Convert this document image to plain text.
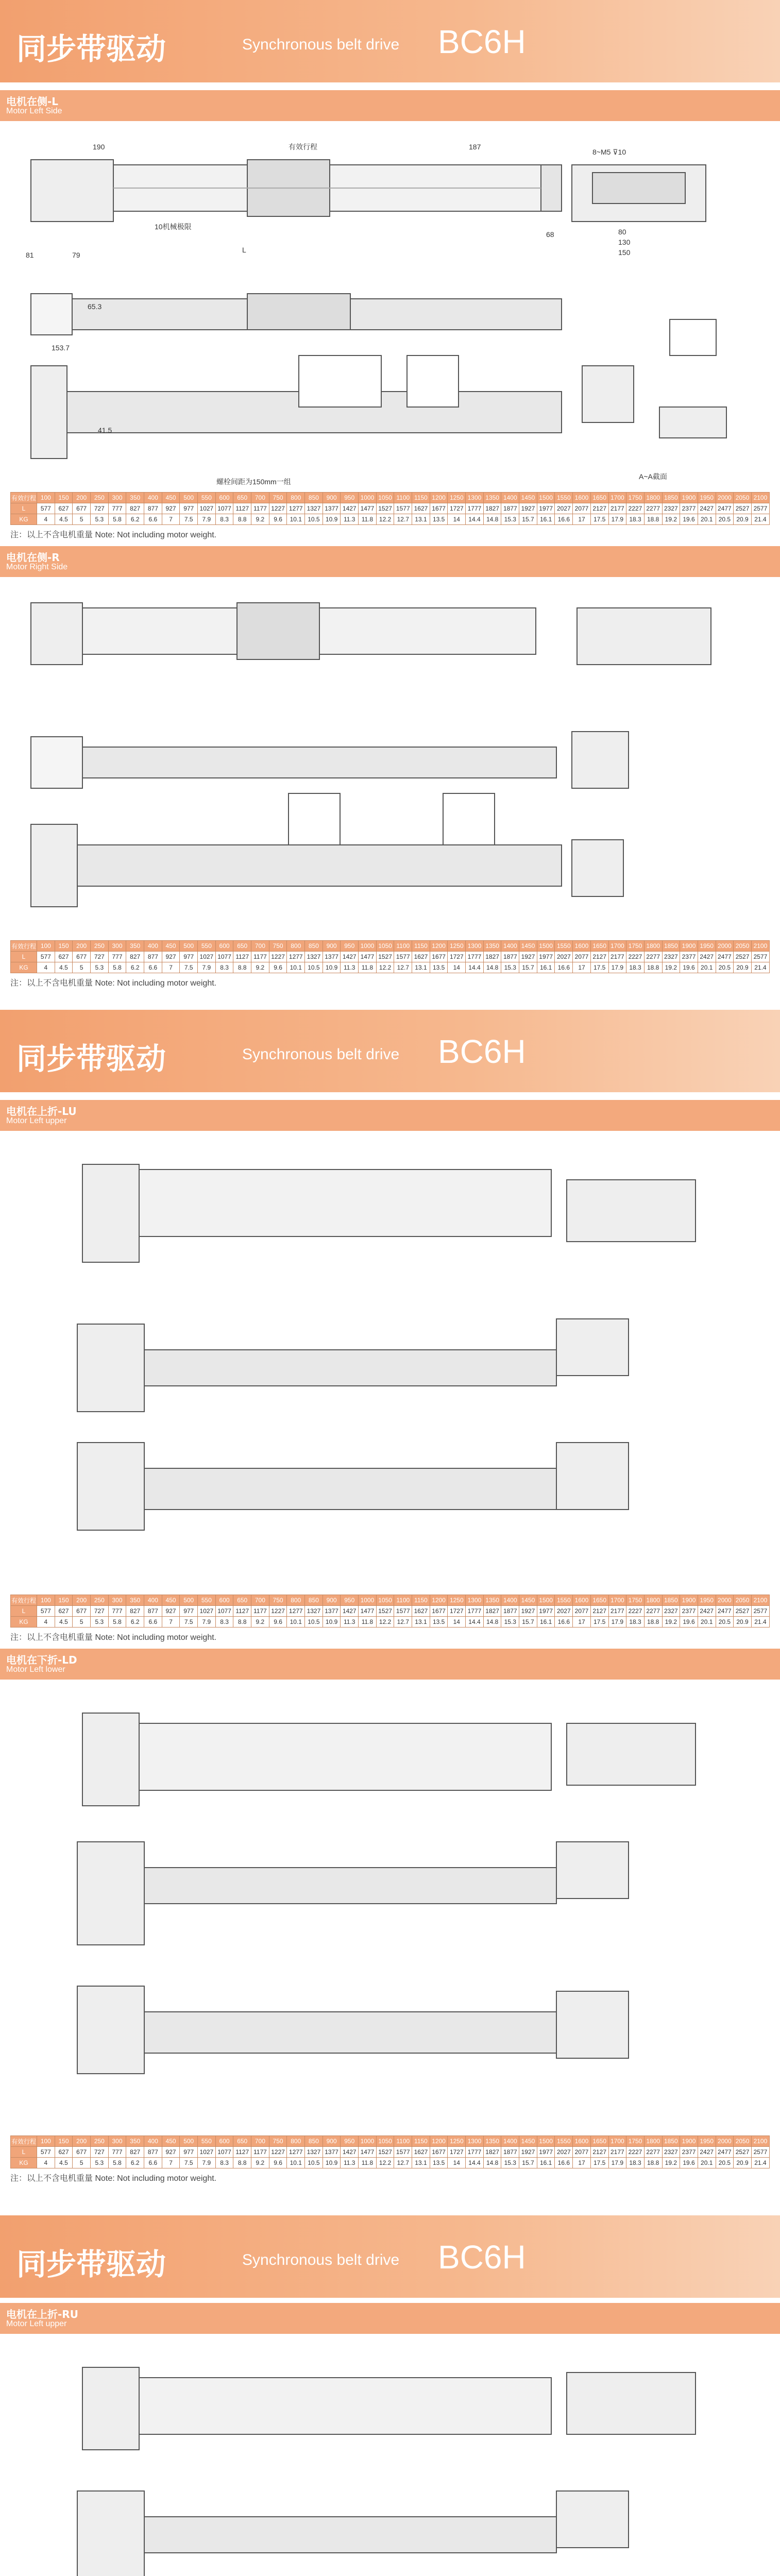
同步带驱动	Synchronous belt drive BC6H
电机在侧-L
Motor Left Side
190	有效行程	187
8~M5 ⊽10
10机械极限
L
81	79
68	80
130
150
65.3
153.7
41.5
螺栓间距为150mm一组
A~A截面
有效行程	100	150	200	250	300	350	400	450	500	550	600	650	700	750	800	850	900	950	1000	1050	1100	1150	1200	1250	1300	1350	1400	1450	1500	1550	1600	1650	1700	1750	1800	1850	1900	1950	2000	2050	2100
L	577	627	677	727	777	827	877	927	977	1027	1077	1127	1177	1227	1277	1327	1377	1427	1477	1527	1577	1627	1677	1727	1777	1827	1877	1927	1977	2027	2077	2127	2177	2227	2277	2327	2377	2427	2477	2527	2577
KG	4	4.5	5	5.3	5.8	6.2	6.6	7	7.5	7.9	8.3	8.8	9.2	9.6	10.1	10.5	10.9	11.3	11.8	12.2	12.7	13.1	13.5	14	14.4	14.8	15.3	15.7	16.1	16.6	17	17.5	17.9	18.3	18.8	19.2	19.6	20.1	20.5	20.9	21.4
注：以上不含电机重量 Note: Not including motor weight.
电机在侧-R
Motor Right Side
有效行程	100	150	200	250	300	350	400	450	500	550	600	650	700	750	800	850	900	950	1000	1050	1100	1150	1200	1250	1300	1350	1400	1450	1500	1550	1600	1650	1700	1750	1800	1850	1900	1950	2000	2050	2100
L	577	627	677	727	777	827	877	927	977	1027	1077	1127	1177	1227	1277	1327	1377	1427	1477	1527	1577	1627	1677	1727	1777	1827	1877	1927	1977	2027	2077	2127	2177	2227	2277	2327	2377	2427	2477	2527	2577
KG	4	4.5	5	5.3	5.8	6.2	6.6	7	7.5	7.9	8.3	8.8	9.2	9.6	10.1	10.5	10.9	11.3	11.8	12.2	12.7	13.1	13.5	14	14.4	14.8	15.3	15.7	16.1	16.6	17	17.5	17.9	18.3	18.8	19.2	19.6	20.1	20.5	20.9	21.4
注：以上不含电机重量 Note: Not including motor weight.
同步带驱动	Synchronous belt drive BC6H
电机在上折-LU
Motor Left upper
有效行程	100	150	200	250	300	350	400	450	500	550	600	650	700	750	800	850	900	950	1000	1050	1100	1150	1200	1250	1300	1350	1400	1450	1500	1550	1600	1650	1700	1750	1800	1850	1900	1950	2000	2050	2100
L	577	627	677	727	777	827	877	927	977	1027	1077	1127	1177	1227	1277	1327	1377	1427	1477	1527	1577	1627	1677	1727	1777	1827	1877	1927	1977	2027	2077	2127	2177	2227	2277	2327	2377	2427	2477	2527	2577
KG	4	4.5	5	5.3	5.8	6.2	6.6	7	7.5	7.9	8.3	8.8	9.2	9.6	10.1	10.5	10.9	11.3	11.8	12.2	12.7	13.1	13.5	14	14.4	14.8	15.3	15.7	16.1	16.6	17	17.5	17.9	18.3	18.8	19.2	19.6	20.1	20.5	20.9	21.4
注：以上不含电机重量 Note: Not including motor weight.
电机在下折-LD
Motor Left lower
有效行程	100	150	200	250	300	350	400	450	500	550	600	650	700	750	800	850	900	950	1000	1050	1100	1150	1200	1250	1300	1350	1400	1450	1500	1550	1600	1650	1700	1750	1800	1850	1900	1950	2000	2050	2100
L	577	627	677	727	777	827	877	927	977	1027	1077	1127	1177	1227	1277	1327	1377	1427	1477	1527	1577	1627	1677	1727	1777	1827	1877	1927	1977	2027	2077	2127	2177	2227	2277	2327	2377	2427	2477	2527	2577
KG	4	4.5	5	5.3	5.8	6.2	6.6	7	7.5	7.9	8.3	8.8	9.2	9.6	10.1	10.5	10.9	11.3	11.8	12.2	12.7	13.1	13.5	14	14.4	14.8	15.3	15.7	16.1	16.6	17	17.5	17.9	18.3	18.8	19.2	19.6	20.1	20.5	20.9	21.4
注：以上不含电机重量 Note: Not including motor weight.
同步带驱动	Synchronous belt drive BC6H
电机在上折-RU
Motor Left upper
